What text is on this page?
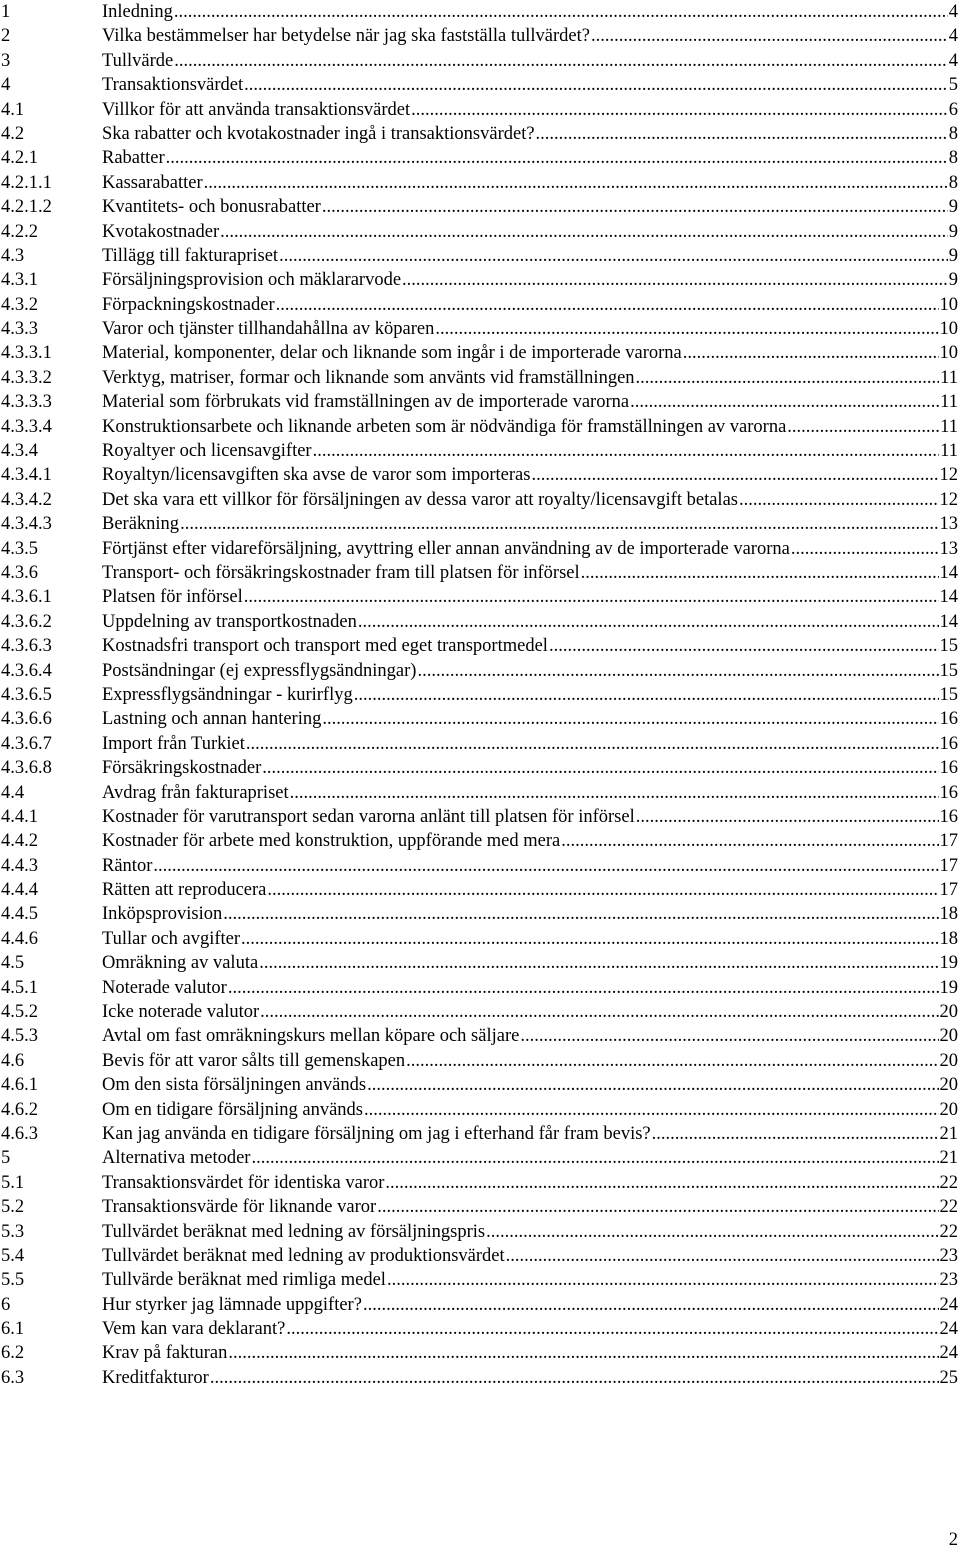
1	Inledning .....	4
2	Vilka bestämmelser har betydelse när jag ska fastställa tullvärdet? .....	4
3	Tullvärde .....	4
4	Transaktionsvärdet .....	5
4.1	Villkor för att använda transaktionsvärdet .....	6
4.2	Ska rabatter och kvotakostnader ingå i transaktionsvärdet? .....	8
4.2.1	Rabatter .....	8
4.2.1.1	Kassarabatter .....	8
4.2.1.2	Kvantitets- och bonusrabatter .....	9
4.2.2	Kvotakostnader .....	9
4.3	Tillägg till fakturapriset .....	9
4.3.1	Försäljningsprovision och mäklararvode .....	9
4.3.2	Förpackningskostnader .....	10
4.3.3	Varor och tjänster tillhandahållna av köparen .....	10
4.3.3.1	Material, komponenter, delar och liknande som ingår i de importerade varorna .....	10
4.3.3.2	Verktyg, matriser, formar och liknande som använts vid framställningen .....	11
4.3.3.3	Material som förbrukats vid framställningen av de importerade varorna .....	11
4.3.3.4	Konstruktionsarbete och liknande arbeten som är nödvändiga för framställningen av varorna .....	11
4.3.4	Royaltyer och licensavgifter .....	11
4.3.4.1	Royaltyn/licensavgiften ska avse de varor som importeras .....	12
4.3.4.2	Det ska vara ett villkor för försäljningen av dessa varor att royalty/licensavgift betalas .....	12
4.3.4.3	Beräkning .....	13
4.3.5	Förtjänst efter vidareförsäljning, avyttring eller annan användning av de importerade varorna .....	13
4.3.6	Transport- och försäkringskostnader fram till platsen för införsel .....	14
4.3.6.1	Platsen för införsel .....	14
4.3.6.2	Uppdelning av transportkostnaden .....	14
4.3.6.3	Kostnadsfri transport och transport med eget transportmedel .....	15
4.3.6.4	Postsändningar (ej expressflygsändningar) .....	15
4.3.6.5	Expressflygsändningar - kurirflyg .....	15
4.3.6.6	Lastning och annan hantering .....	16
4.3.6.7	Import från Turkiet .....	16
4.3.6.8	Försäkringskostnader .....	16
4.4	Avdrag från fakturapriset .....	16
4.4.1	Kostnader för varutransport sedan varorna anlänt till platsen för införsel .....	16
4.4.2	Kostnader för arbete med konstruktion, uppförande med mera .....	17
4.4.3	Räntor .....	17
4.4.4	Rätten att reproducera .....	17
4.4.5	Inköpsprovision .....	18
4.4.6	Tullar och avgifter .....	18
4.5	Omräkning av valuta .....	19
4.5.1	Noterade valutor .....	19
4.5.2	Icke noterade valutor .....	20
4.5.3	Avtal om fast omräkningskurs mellan köpare och säljare .....	20
4.6	Bevis för att varor sålts till gemenskapen .....	20
4.6.1	Om den sista försäljningen används .....	20
4.6.2	Om en tidigare försäljning används .....	20
4.6.3	Kan jag använda en tidigare försäljning om jag i efterhand får fram bevis? .....	21
5	Alternativa metoder .....	21
5.1	Transaktionsvärdet för identiska varor .....	22
5.2	Transaktionsvärde för liknande varor .....	22
5.3	Tullvärdet beräknat med ledning av försäljningspris .....	22
5.4	Tullvärdet beräknat med ledning av produktionsvärdet .....	23
5.5	Tullvärde beräknat med rimliga medel .....	23
6	Hur styrker jag lämnade uppgifter? .....	24
6.1	Vem kan vara deklarant? .....	24
6.2	Krav på fakturan .....	24
6.3	Kreditfakturor .....	25
2
